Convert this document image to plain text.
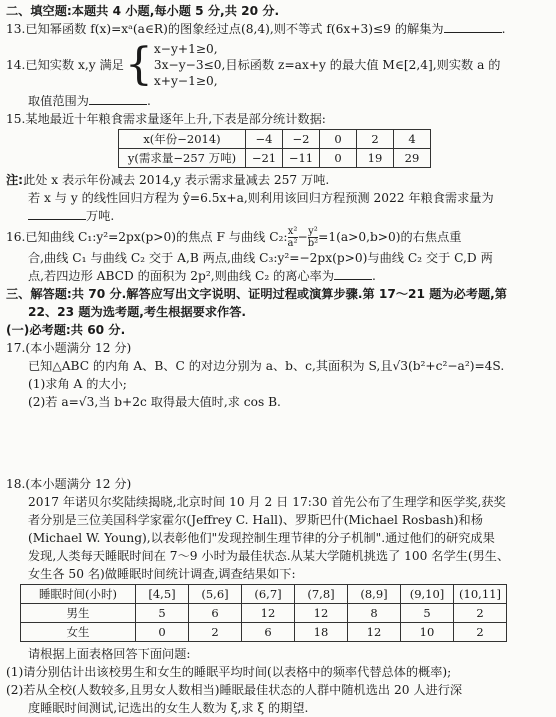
二、填空题:本题共 4 小题,每小题 5 分,共 20 分.
13.已知幂函数 f(x)=xᵃ(a∈R)的图象经过点(8,4),则不等式 f(6x+3)≤9 的解集为	.
14.已知实数 x,y 满足 { x−y+1≥0,
3x−y−3≤0,
x+y−1≥0,
目标函数 z=ax+y 的最大值 M∈[2,4],则实数 a 的
取值范围为	.
15.某地最近十年粮食需求量逐年上升,下表是部分统计数据:
x(年份−2014)	−4	−2	0	2	4
y(需求量−257 万吨)	−21	−11	0	19	29
注:此处 x 表示年份减去 2014,y 表示需求量减去 257 万吨.
若 x 与 y 的线性回归方程为 ŷ=6.5x+a,则利用该回归方程预测 2022 年粮食需求量为
万吨.
16.已知曲线 C₁:y²=2px(p>0)的焦点 F 与曲线 C₂: $\frac{\text{x²}}{\text{a²}} - \frac{\text{y²}}{\text{b²}} =1(a>0,b>0)$的右焦点重
合,曲线 C₁ 与曲线 C₂ 交于 A,B 两点,曲线 C₃:y²=−2px(p>0)与曲线 C₂ 交于 C,D 两
点,若四边形 ABCD 的面积为 2p²,则曲线 C₂ 的离心率为	.
三、解答题:共 70 分.解答应写出文字说明、证明过程或演算步骤.第 17～21 题为必考题,第
22、23 题为选考题,考生根据要求作答.
(一)必考题:共 60 分.
17.(本小题满分 12 分)
已知△ABC 的内角 A、B、C 的对边分别为 a、b、c,其面积为 S,且√3(b²+c²−a²)=4S.
(1)求角 A 的大小;
(2)若 a=√3,当 b+2c 取得最大值时,求 cos B.
18.(本小题满分 12 分)
2017 年诺贝尔奖陆续揭晓,北京时间 10 月 2 日 17:30 首先公布了生理学和医学奖,获奖
者分别是三位美国科学家霍尔(Jeffrey C. Hall)、罗斯巴什(Michael Rosbash)和杨
(Michael W. Young),以表彰他们"发现控制生理节律的分子机制".通过他们的研究成果
发现,人类每天睡眠时间在 7～9 小时为最佳状态.从某大学随机挑选了 100 名学生(男生、
女生各 50 名)做睡眠时间统计调查,调查结果如下:
睡眠时间(小时)	[4,5]	(5,6]	(6,7]	(7,8]	(8,9]	(9,10]	(10,11]
男生	5	6	12	12	8	5	2
女生	0	2	6	18	12	10	2
请根据上面表格回答下面问题:
(1)请分别估计出该校男生和女生的睡眠平均时间(以表格中的频率代替总体的概率);
(2)若从全校(人数较多,且男女人数相当)睡眠最佳状态的人群中随机选出 20 人进行深
度睡眠时间测试,记选出的女生人数为 ξ,求 ξ 的期望.
